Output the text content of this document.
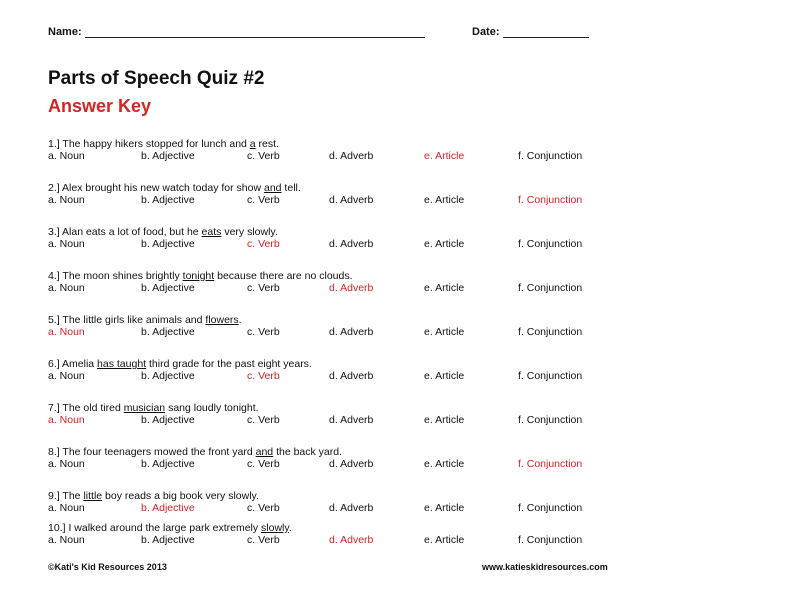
Name:	Date:
Parts of Speech Quiz #2
Answer Key
1.] The happy hikers stopped for lunch and a rest.
a. Noun	b. Adjective	c. Verb	d. Adverb	e. Article	f. Conjunction
2.] Alex brought his new watch today for show and tell.
a. Noun	b. Adjective	c. Verb	d. Adverb	e. Article	f. Conjunction
3.] Alan eats a lot of food, but he eats very slowly.
a. Noun	b. Adjective	c. Verb	d. Adverb	e. Article	f. Conjunction
4.] The moon shines brightly tonight because there are no clouds.
a. Noun	b. Adjective	c. Verb	d. Adverb	e. Article	f. Conjunction
5.] The little girls like animals and flowers.
a. Noun	b. Adjective	c. Verb	d. Adverb	e. Article	f. Conjunction
6.] Amelia has taught third grade for the past eight years.
a. Noun	b. Adjective	c. Verb	d. Adverb	e. Article	f. Conjunction
7.] The old tired musician sang loudly tonight.
a. Noun	b. Adjective	c. Verb	d. Adverb	e. Article	f. Conjunction
8.] The four teenagers mowed the front yard and the back yard.
a. Noun	b. Adjective	c. Verb	d. Adverb	e. Article	f. Conjunction
9.] The little boy reads a big book very slowly.
a. Noun	b. Adjective	c. Verb	d. Adverb	e. Article	f. Conjunction
10.] I walked around the large park extremely slowly.
a. Noun	b. Adjective	c. Verb	d. Adverb	e. Article	f. Conjunction
©Kati's Kid Resources 2013	www.katieskidresources.com
